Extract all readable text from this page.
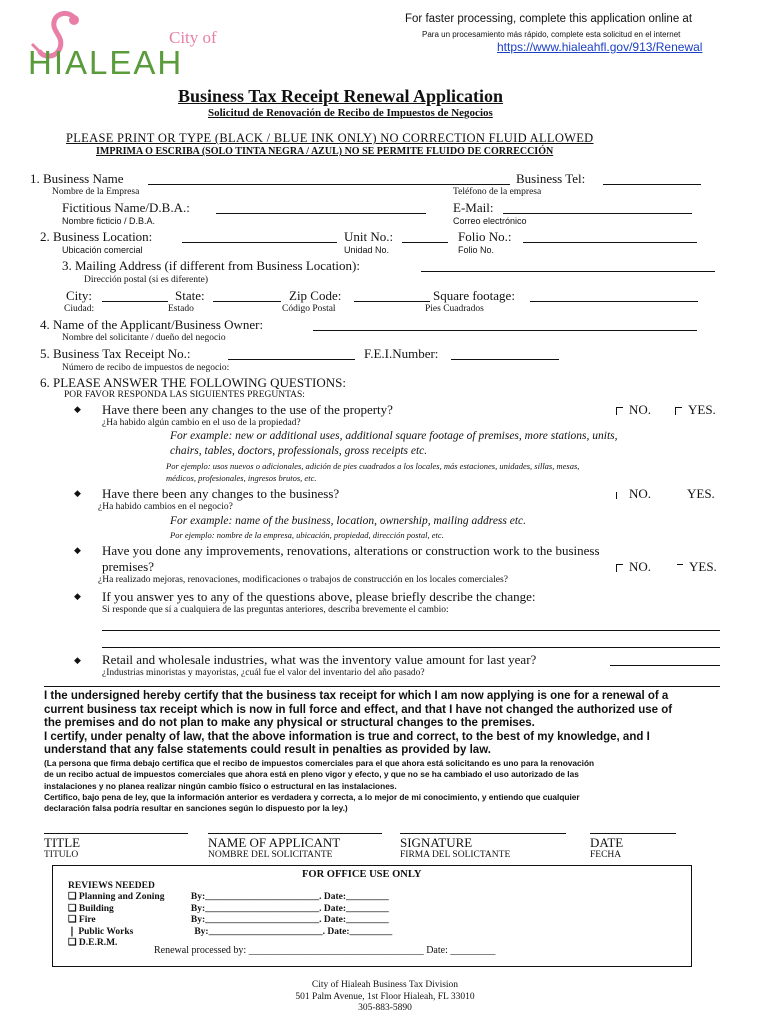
City of
HIALEAH
For faster processing, complete this application online at
Para un procesamiento más rápido, complete esta solicitud en el internet
https://www.hialeahfl.gov/913/Renewal
Business Tax Receipt Renewal Application
Solicitud de Renovación de Recibo de Impuestos de Negocios
PLEASE PRINT OR TYPE (BLACK / BLUE INK ONLY) NO CORRECTION FLUID ALLOWED
IMPRIMA O ESCRIBA (SOLO TINTA NEGRA / AZUL) NO SE PERMITE FLUIDO DE CORRECCIÓN
1. Business Name	Business Tel:
Nombre de la Empresa	Teléfono de la empresa
Fictitious Name/D.B.A.:	E-Mail:
Nombre ficticio / D.B.A.	Correo electrónico
2. Business Location:	Unit No.:	Folio No.:
Ubicación comercial	Unidad No.	Folio No.
3. Mailing Address (if different from Business Location):
Dirección postal (si es diferente)
City:	State:	Zip Code:	Square footage:
Ciudad:	Estado	Código Postal	Pies Cuadrados
4. Name of the Applicant/Business Owner:
Nombre del solicitante / dueño del negocio
5. Business Tax Receipt No.:	F.E.I.Number:
Número de recibo de impuestos de negocio:
6. PLEASE ANSWER THE FOLLOWING QUESTIONS:
POR FAVOR RESPONDA LAS SIGUIENTES PREGUNTAS:
◆ Have there been any changes to the use of the property?	NO.	YES.
¿Ha habido algún cambio en el uso de la propiedad?
For example: new or additional uses, additional square footage of premises, more stations, units,
chairs, tables, doctors, professionals, gross receipts etc.
Por ejemplo: usos nuevos o adicionales, adición de pies cuadrados a los locales, más estaciones, unidades, sillas, mesas,
médicos, profesionales, ingresos brutos, etc.
◆ Have there been any changes to the business?	NO.	YES.
¿Ha habido cambios en el negocio?
For example: name of the business, location, ownership, mailing address etc.
Por ejemplo: nombre de la empresa, ubicación, propiedad, dirección postal, etc.
◆ Have you done any improvements, renovations, alterations or construction work to the business
premises?	NO.	YES.
¿Ha realizado mejoras, renovaciones, modificaciones o trabajos de construcción en los locales comerciales?
◆ If you answer yes to any of the questions above, please briefly describe the change:
Si responde que sí a cualquiera de las preguntas anteriores, describa brevemente el cambio:
◆ Retail and wholesale industries, what was the inventory value amount for last year?
¿Industrias minoristas y mayoristas, ¿cuál fue el valor del inventario del año pasado?
I the undersigned hereby certify that the business tax receipt for which I am now applying is one for a renewal of a
current business tax receipt which is now in full force and effect, and that I have not changed the authorized use of
the premises and do not plan to make any physical or structural changes to the premises.
I certify, under penalty of law, that the above information is true and correct, to the best of my knowledge, and I
understand that any false statements could result in penalties as provided by law.
(La persona que firma debajo certifica que el recibo de impuestos comerciales para el que ahora está solicitando es uno para la renovación
de un recibo actual de impuestos comerciales que ahora está en pleno vigor y efecto, y que no se ha cambiado el uso autorizado de las
instalaciones y no planea realizar ningún cambio físico o estructural en las instalaciones.
Certifico, bajo pena de ley, que la información anterior es verdadera y correcta, a lo mejor de mi conocimiento, y entiendo que cualquier
declaración falsa podría resultar en sanciones según lo dispuesto por la ley.)
TITLE	NAME OF APPLICANT	SIGNATURE	DATE
TITULO	NOMBRE DEL SOLICITANTE	FIRMA DEL SOLICTANTE	FECHA
FOR OFFICE USE ONLY
REVIEWS NEEDED
❏ Planning and Zoning	By:________________________. Date:_________
❏ Building	By:________________________. Date:_________
❏ Fire	By:________________________. Date:_________
❘ Public Works	By:________________________. Date:_________
❏ D.E.R.M.
Renewal processed by: ___________________________________ Date: _________
City of Hialeah Business Tax Division
501 Palm Avenue, 1st Floor Hialeah, FL 33010
305-883-5890
